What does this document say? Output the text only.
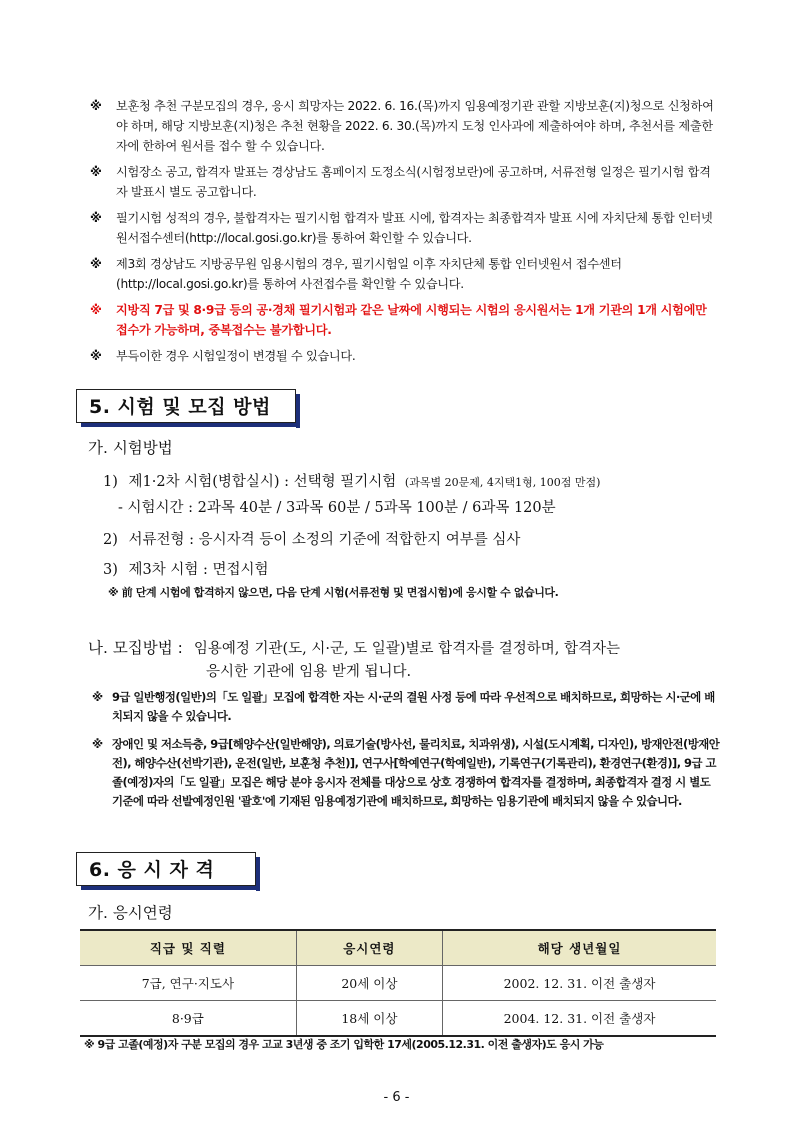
※ 보훈청 추천 구분모집의 경우, 응시 희망자는 2022. 6. 16.(목)까지 임용예정기관 관할 지방보훈(지)청으로 신청하여야 하며, 해당 지방보훈(지)청은 추천 현황을 2022. 6. 30.(목)까지 도청 인사과에 제출하여야 하며, 추천서를 제출한 자에 한하여 원서를 접수 할 수 있습니다.
※ 시험장소 공고, 합격자 발표는 경상남도 홈페이지 도정소식(시험정보란)에 공고하며, 서류전형 일정은 필기시험 합격자 발표시 별도 공고합니다.
※ 필기시험 성적의 경우, 불합격자는 필기시험 합격자 발표 시에, 합격자는 최종합격자 발표 시에 자치단체 통합 인터넷원서접수센터(http://local.gosi.go.kr)를 통하여 확인할 수 있습니다.
※ 제3회 경상남도 지방공무원 임용시험의 경우, 필기시험일 이후 자치단체 통합 인터넷원서 접수센터(http://local.gosi.go.kr)를 통하여 사전접수를 확인할 수 있습니다.
※ 지방직 7급 및 8·9급 등의 공·경채 필기시험과 같은 날짜에 시행되는 시험의 응시원서는 1개 기관의 1개 시험에만 접수가 가능하며, 중복접수는 불가합니다.
※ 부득이한 경우 시험일정이 변경될 수 있습니다.
5. 시험 및 모집 방법
가. 시험방법
1) 제1·2차 시험(병합실시) : 선택형 필기시험 (과목별 20문제, 4지택1형, 100점 만점)
- 시험시간 : 2과목 40분 / 3과목 60분 / 5과목 100분 / 6과목 120분
2) 서류전형 : 응시자격 등이 소정의 기준에 적합한지 여부를 심사
3) 제3차 시험 : 면접시험
※ 前 단계 시험에 합격하지 않으면, 다음 단계 시험(서류전형 및 면접시험)에 응시할 수 없습니다.
나. 모집방법 : 임용예정 기관(도, 시·군, 도 일괄)별로 합격자를 결정하며, 합격자는
응시한 기관에 임용 받게 됩니다.
※ 9급 일반행정(일반)의「도 일괄」모집에 합격한 자는 시·군의 결원 사정 등에 따라 우선적으로 배치하므로, 희망하는 시·군에 배치되지 않을 수 있습니다.
※ 장애인 및 저소득층, 9급[해양수산(일반해양), 의료기술(방사선, 물리치료, 치과위생), 시설(도시계획, 디자인), 방재안전(방재안전), 해양수산(선박기관), 운전(일반, 보훈청 추천)], 연구사[학예연구(학예일반), 기록연구(기록관리), 환경연구(환경)], 9급 고졸(예정)자의「도 일괄」모집은 해당 분야 응시자 전체를 대상으로 상호 경쟁하여 합격자를 결정하며, 최종합격자 결정 시 별도 기준에 따라 선발예정인원 '괄호'에 기재된 임용예정기관에 배치하므로, 희망하는 임용기관에 배치되지 않을 수 있습니다.
6. 응 시 자 격
가. 응시연령
직급 및 직렬	응시연령	해당 생년월일
7급, 연구·지도사	20세 이상	2002. 12. 31. 이전 출생자
8·9급	18세 이상	2004. 12. 31. 이전 출생자
※ 9급 고졸(예정)자 구분 모집의 경우 고교 3년생 중 조기 입학한 17세(2005.12.31. 이전 출생자)도 응시 가능
- 6 -
